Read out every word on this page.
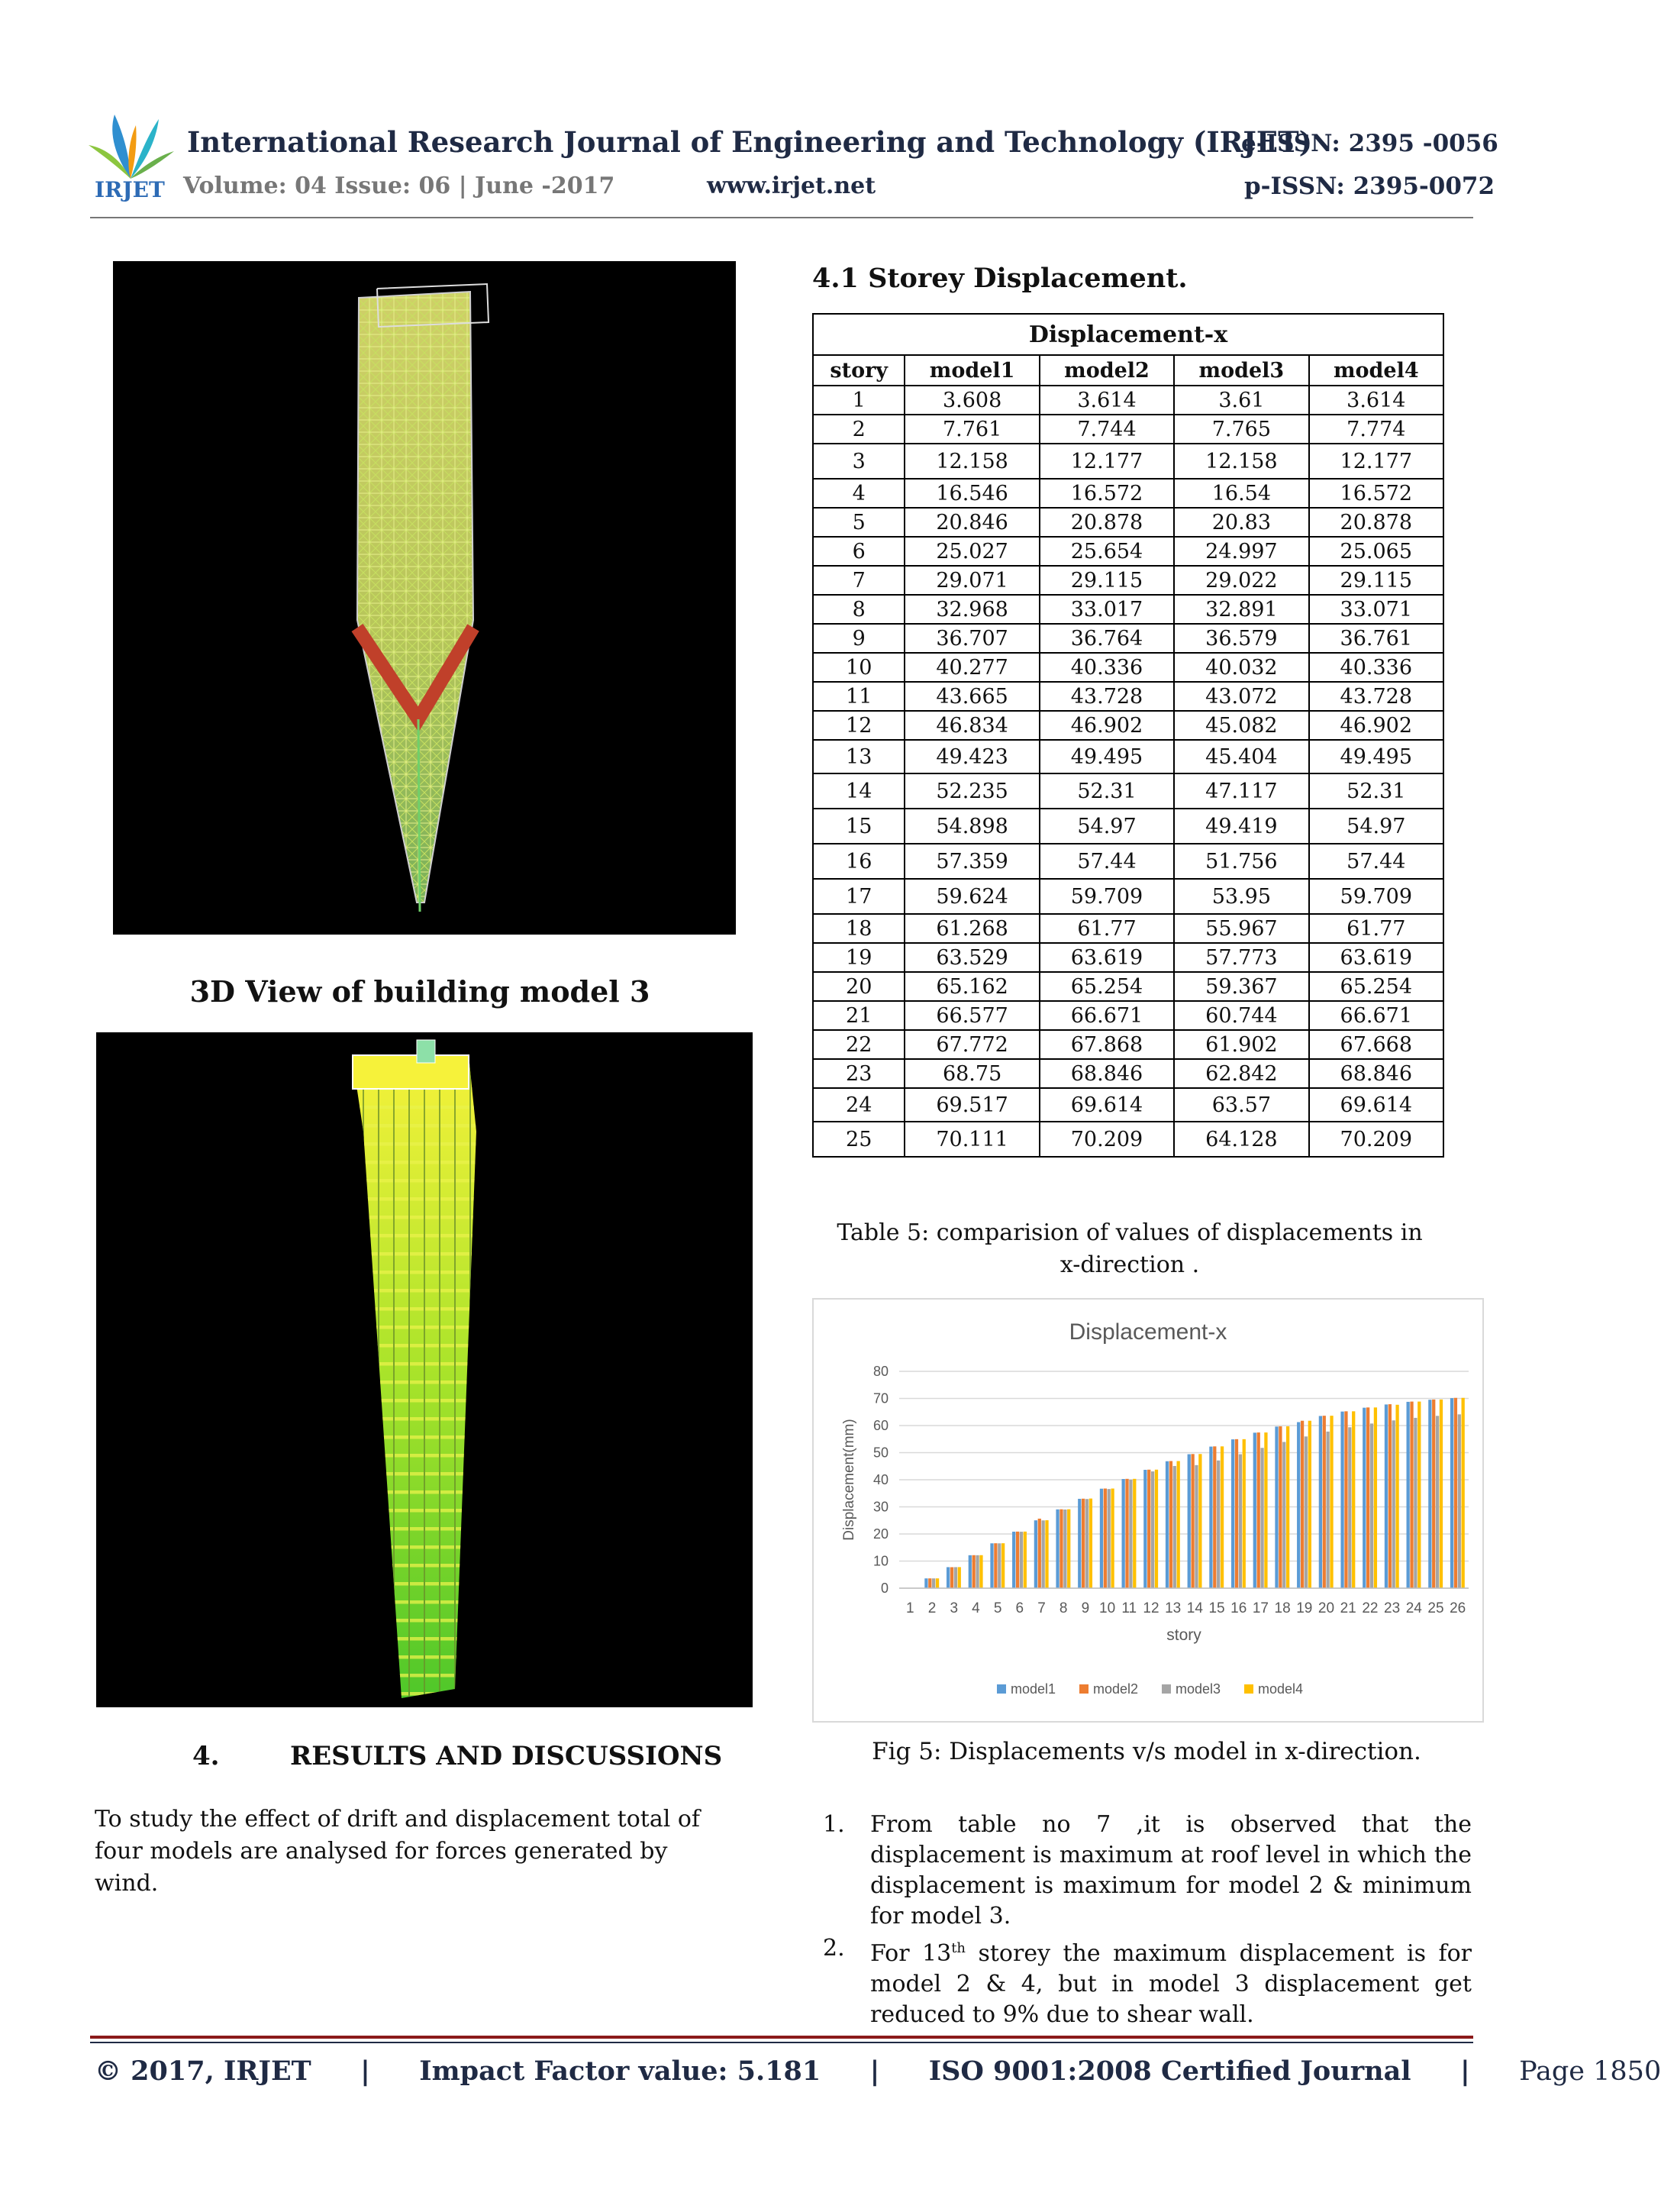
IRJET
International Research Journal of Engineering and Technology (IRJET)
e-ISSN: 2395 -0056
Volume: 04 Issue: 06 | June -2017	www.irjet.net	p-ISSN: 2395-0072
3D View of building model 3
4.1 Storey Displacement.
Displacement-x				
story	model1	model2	model3	model4
1	3.608	3.614	3.61	3.614
2	7.761	7.744	7.765	7.774
3	12.158	12.177	12.158	12.177
4	16.546	16.572	16.54	16.572
5	20.846	20.878	20.83	20.878
6	25.027	25.654	24.997	25.065
7	29.071	29.115	29.022	29.115
8	32.968	33.017	32.891	33.071
9	36.707	36.764	36.579	36.761
10	40.277	40.336	40.032	40.336
11	43.665	43.728	43.072	43.728
12	46.834	46.902	45.082	46.902
13	49.423	49.495	45.404	49.495
14	52.235	52.31	47.117	52.31
15	54.898	54.97	49.419	54.97
16	57.359	57.44	51.756	57.44
17	59.624	59.709	53.95	59.709
18	61.268	61.77	55.967	61.77
19	63.529	63.619	57.773	63.619
20	65.162	65.254	59.367	65.254
21	66.577	66.671	60.744	66.671
22	67.772	67.868	61.902	67.668
23	68.75	68.846	62.842	68.846
24	69.517	69.614	63.57	69.614
25	70.111	70.209	64.128	70.209
Table 5: comparision of values of displacements in x-direction .
Displacement-x
0
10
20
30
40
50
60
70
80
Displacement(mm)
1 2 3 4 5 6 7 8 9 10 11 12 13 14 15 16 17 18 19 20 21 22 23 24 25 26
story
model1	model2	model3	model4
Fig 5: Displacements v/s model in x-direction.
4.	RESULTS AND DISCUSSIONS
To study the effect of drift and displacement total of four models are analysed for forces generated by wind.
1. From table no 7 ,it is observed that the displacement is maximum at roof level in which the displacement is maximum for model 2 & minimum for model 3.
2. For 13th storey the maximum displacement is for model 2 & 4, but in model 3 displacement get reduced to 9% due to shear wall.
© 2017, IRJET | Impact Factor value: 5.181 | ISO 9001:2008 Certified Journal | Page 1850
